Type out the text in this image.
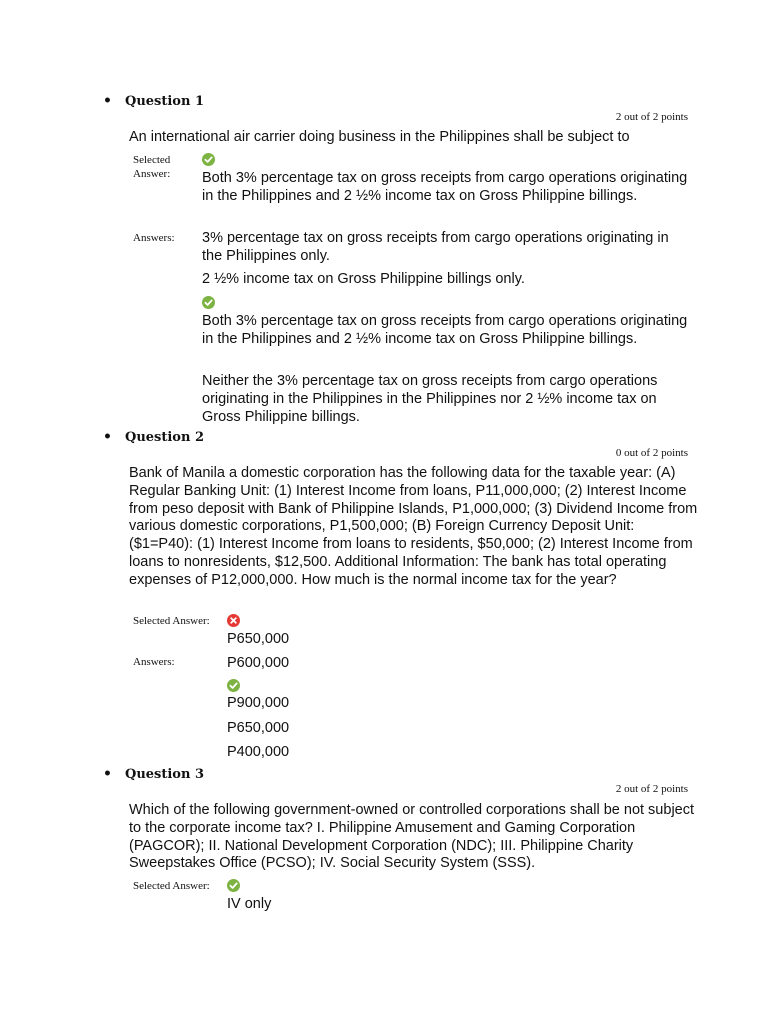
• Question 1
2 out of 2 points
An international air carrier doing business in the Philippines shall be subject to
Selected Answer:	Both 3% percentage tax on gross receipts from cargo operations originating in the Philippines and 2 ½% income tax on Gross Philippine billings.
Answers: 3% percentage tax on gross receipts from cargo operations originating in the Philippines only.
2 ½% income tax on Gross Philippine billings only.
Both 3% percentage tax on gross receipts from cargo operations originating in the Philippines and 2 ½% income tax on Gross Philippine billings.
Neither the 3% percentage tax on gross receipts from cargo operations originating in the Philippines in the Philippines nor 2 ½% income tax on Gross Philippine billings.
• Question 2
0 out of 2 points
Bank of Manila a domestic corporation has the following data for the taxable year: (A) Regular Banking Unit: (1) Interest Income from loans, P11,000,000; (2) Interest Income from peso deposit with Bank of Philippine Islands, P1,000,000; (3) Dividend Income from various domestic corporations, P1,500,000; (B) Foreign Currency Deposit Unit: ($1=P40): (1) Interest Income from loans to residents, $50,000; (2) Interest Income from loans to nonresidents, $12,500. Additional Information: The bank has total operating expenses of P12,000,000. How much is the normal income tax for the year?
Selected Answer:
P650,000
Answers:	P600,000
P900,000
P650,000
P400,000
• Question 3
2 out of 2 points
Which of the following government-owned or controlled corporations shall be not subject to the corporate income tax? I. Philippine Amusement and Gaming Corporation (PAGCOR); II. National Development Corporation (NDC); III. Philippine Charity Sweepstakes Office (PCSO); IV. Social Security System (SSS).
Selected Answer:
IV only
